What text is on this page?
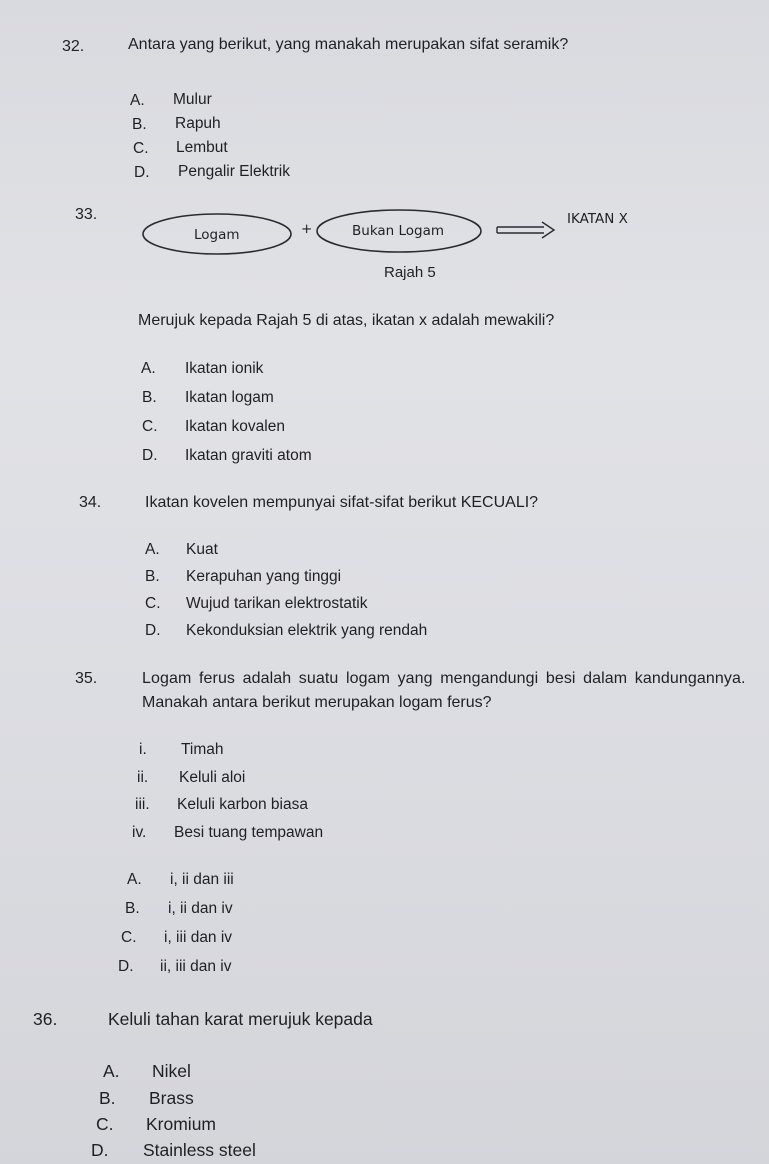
32.	Antara yang berikut, yang manakah merupakan sifat seramik?
A. Mulur
B. Rapuh
C. Lembut
D. Pengalir Elektrik
33.
Logam	+	Bukan Logam
IKATAN X
Rajah 5
Merujuk kepada Rajah 5 di atas, ikatan x adalah mewakili?
A. Ikatan ionik
B. Ikatan logam
C. Ikatan kovalen
D. Ikatan graviti atom
34.	Ikatan kovelen mempunyai sifat-sifat berikut KECUALI?
A. Kuat
B. Kerapuhan yang tinggi
C. Wujud tarikan elektrostatik
D. Kekonduksian elektrik yang rendah
35.	Logam ferus adalah suatu logam yang mengandungi besi dalam kandungannya.
Manakah antara berikut merupakan logam ferus?
i. Timah
ii. Keluli aloi
iii. Keluli karbon biasa
iv. Besi tuang tempawan
A. i, ii dan iii
B. i, ii dan iv
C. i, iii dan iv
D. ii, iii dan iv
36.	Keluli tahan karat merujuk kepada
A. Nikel
B. Brass
C. Kromium
D. Stainless steel
